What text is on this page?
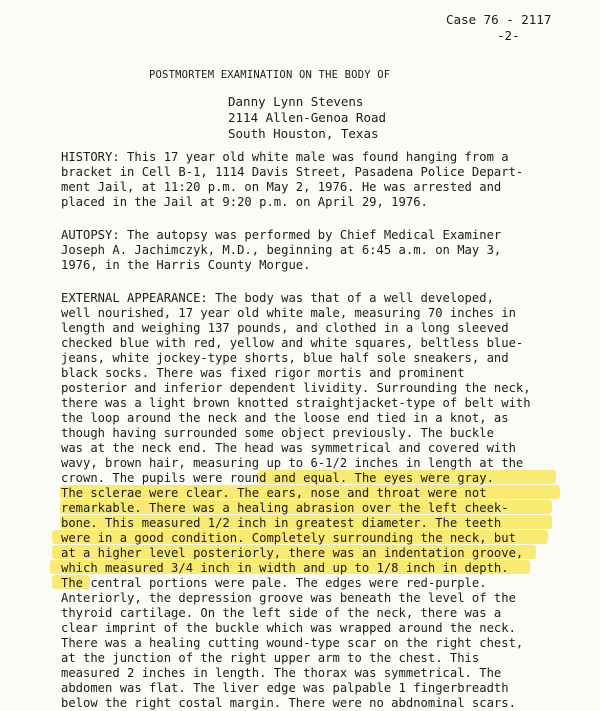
Case 76 - 2117
-2-
POSTMORTEM EXAMINATION ON THE BODY OF
Danny Lynn Stevens
2114 Allen-Genoa Road
South Houston, Texas
HISTORY: This 17 year old white male was found hanging from a
bracket in Cell B-1, 1114 Davis Street, Pasadena Police Depart-
ment Jail, at 11:20 p.m. on May 2, 1976. He was arrested and
placed in the Jail at 9:20 p.m. on April 29, 1976.
AUTOPSY: The autopsy was performed by Chief Medical Examiner
Joseph A. Jachimczyk, M.D., beginning at 6:45 a.m. on May 3,
1976, in the Harris County Morgue.
EXTERNAL APPEARANCE: The body was that of a well developed,
well nourished, 17 year old white male, measuring 70 inches in
length and weighing 137 pounds, and clothed in a long sleeved
checked blue with red, yellow and white squares, beltless blue-
jeans, white jockey-type shorts, blue half sole sneakers, and
black socks. There was fixed rigor mortis and prominent
posterior and inferior dependent lividity. Surrounding the neck,
there was a light brown knotted straightjacket-type of belt with
the loop around the neck and the loose end tied in a knot, as
though having surrounded some object previously. The buckle
was at the neck end. The head was symmetrical and covered with
wavy, brown hair, measuring up to 6-1/2 inches in length at the
crown. The pupils were round and equal. The eyes were gray.
The sclerae were clear. The ears, nose and throat were not
remarkable. There was a healing abrasion over the left cheek-
bone. This measured 1/2 inch in greatest diameter. The teeth
were in a good condition. Completely surrounding the neck, but
at a higher level posteriorly, there was an indentation groove,
which measured 3/4 inch in width and up to 1/8 inch in depth.
The central portions were pale. The edges were red-purple.
Anteriorly, the depression groove was beneath the level of the
thyroid cartilage. On the left side of the neck, there was a
clear imprint of the buckle which was wrapped around the neck.
There was a healing cutting wound-type scar on the right chest,
at the junction of the right upper arm to the chest. This
measured 2 inches in length. The thorax was symmetrical. The
abdomen was flat. The liver edge was palpable 1 fingerbreadth
below the right costal margin. There were no abdnominal scars.
